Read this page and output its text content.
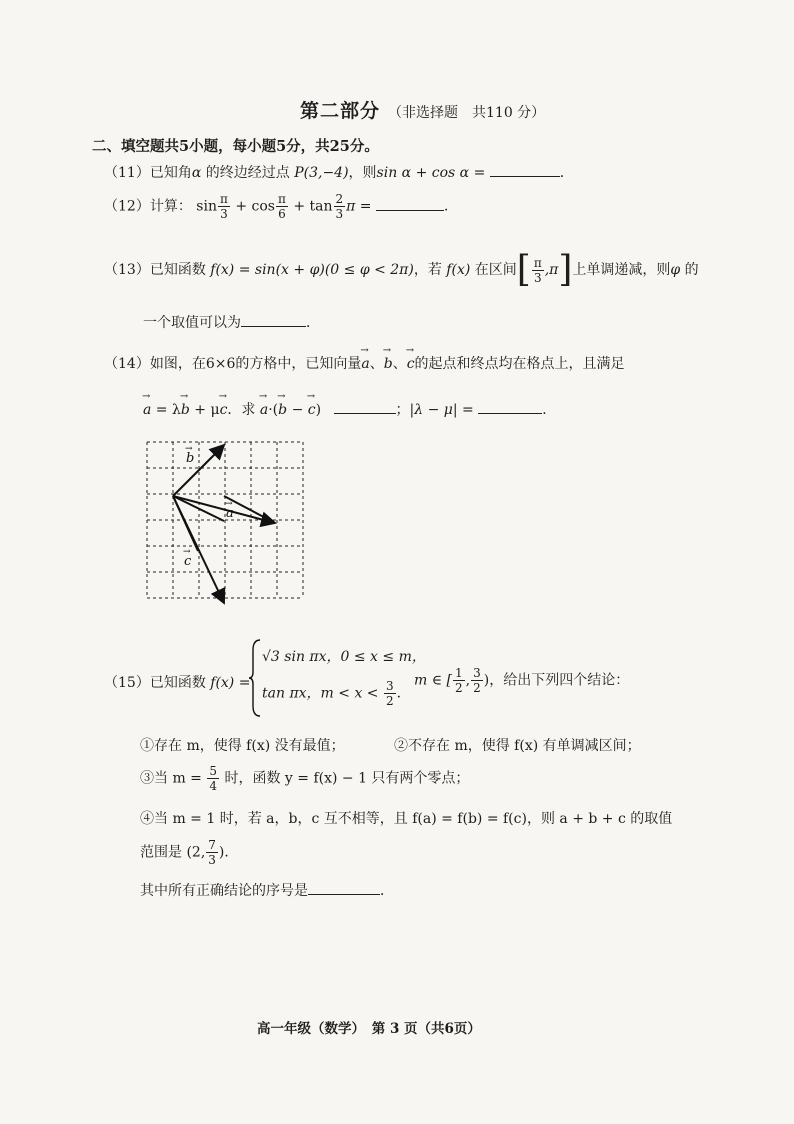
第二部分 （非选择题　共110 分）
二、填空题共5小题，每小题5分，共25分。
（11）已知角α 的终边经过点 P(3,−4)，则sin α + cos α =	．
（12）计算： $\sin \frac{\pi}{3} + \cos \frac{\pi}{6} + \tan \frac{2}{3}$ π =	．
（13）已知函数 f(x) = sin(x + φ)(0 ≤ φ < 2π)，若 f(x) 在区间[ $\frac{\pi}{3} ,\pi$]上单调递减，则φ 的
一个取值可以为	．
（14）如图，在6×6的方格中，已知向量→ a、→ b、→ c的起点和终点均在格点上，且满足
→ a = λ→ b + μ→ c．求 → a·(→ b − → c)	；|λ − μ| =	．
b
a
c
→
→
→
（15）已知函数 f(x) =
√3 sin πx，0 ≤ x ≤ m，
tan πx，$m < x < \frac{3}{2}$ ．
m ∈ [ $\frac{1}{2}$ , $\frac{3}{2}$ )，给出下列四个结论：
①存在 m，使得 f(x) 没有最值；	②不存在 m，使得 f(x) 有单调减区间；
③当 $m = \frac{5}{4}$ 时，函数 y = f(x) − 1 只有两个零点；
④当 m = 1 时，若 a，b，c 互不相等，且 f(a) = f(b) = f(c)，则 a + b + c 的取值
范围是 (2, $\frac{7}{3}$ )．
其中所有正确结论的序号是	．
高一年级（数学）　第 3 页（共6页）
